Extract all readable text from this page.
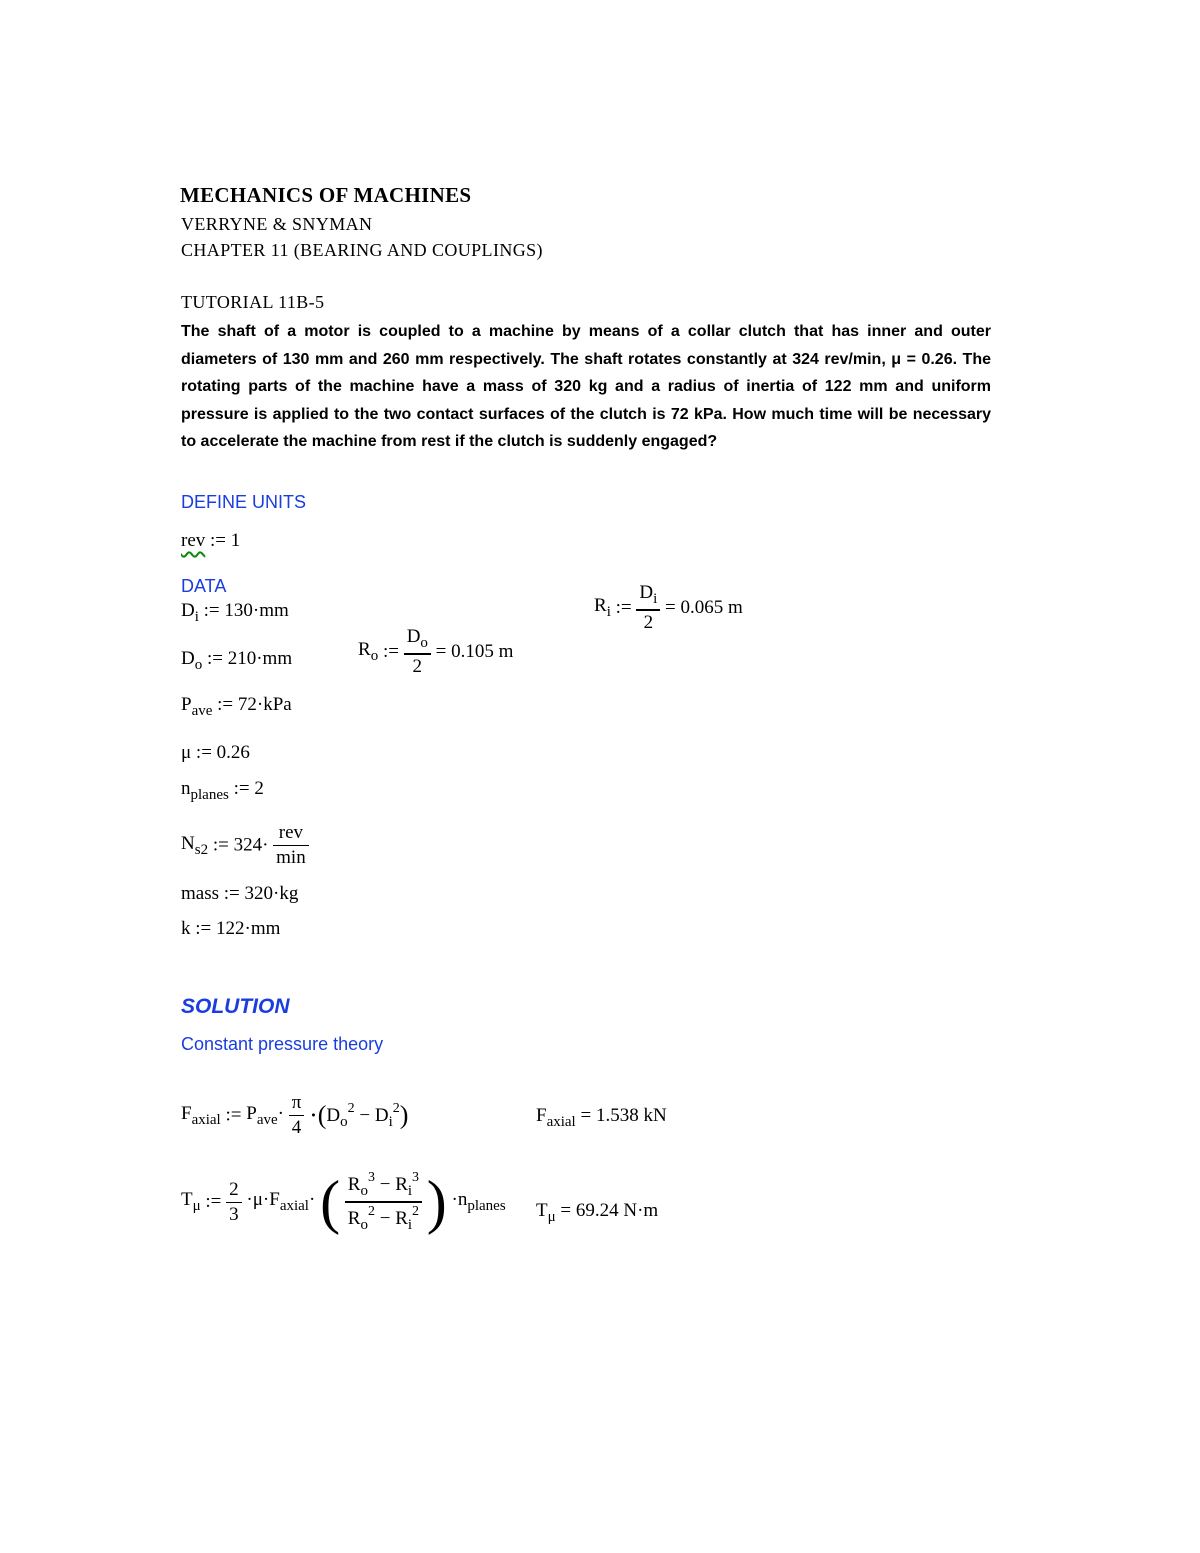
MECHANICS OF MACHINES
VERRYNE & SNYMAN
CHAPTER 11 (BEARING AND COUPLINGS)
TUTORIAL 11B-5
The shaft of a motor is coupled to a machine by means of a collar clutch that has inner and outer diameters of 130 mm and 260 mm respectively. The shaft rotates constantly at 324 rev/min, μ = 0.26. The rotating parts of the machine have a mass of 320 kg and a radius of inertia of 122 mm and uniform pressure is applied to the two contact surfaces of the clutch is 72 kPa. How much time will be necessary to accelerate the machine from rest if the clutch is suddenly engaged?
DEFINE UNITS
rev := 1
DATA
$D_i$ := 130·mm	$R_i$ := $\frac{D_i}{2} = 0.065$ m
$D_o$ := 210·mm	$R_o$ := $\frac{D_o}{2} = 0.105$ m
$P_{ave}$ := 72·kPa
μ := 0.26
$n_{planes}$ := 2
$N_{s2}$ := $324\cdot \frac{\text{rev}}{\min}$
mass := 320·kg
k := 122·mm
SOLUTION
Constant pressure theory
$F_{axial}$ := $P_{ave}\cdot \frac{\pi}{4} \cdot(D_o^2 - D_i^2)$	$F_{axial} = 1.538$ kN
$T_\mu$ := $\frac{2}{3} \cdot\mu\cdot F_{axial}\cdot$ ( $\frac{R_o^3 - R_i^3}{R_o^2 - R_i^2}$ ) $\cdot n_{planes}$ $T_\mu = 69.24$ N·m
